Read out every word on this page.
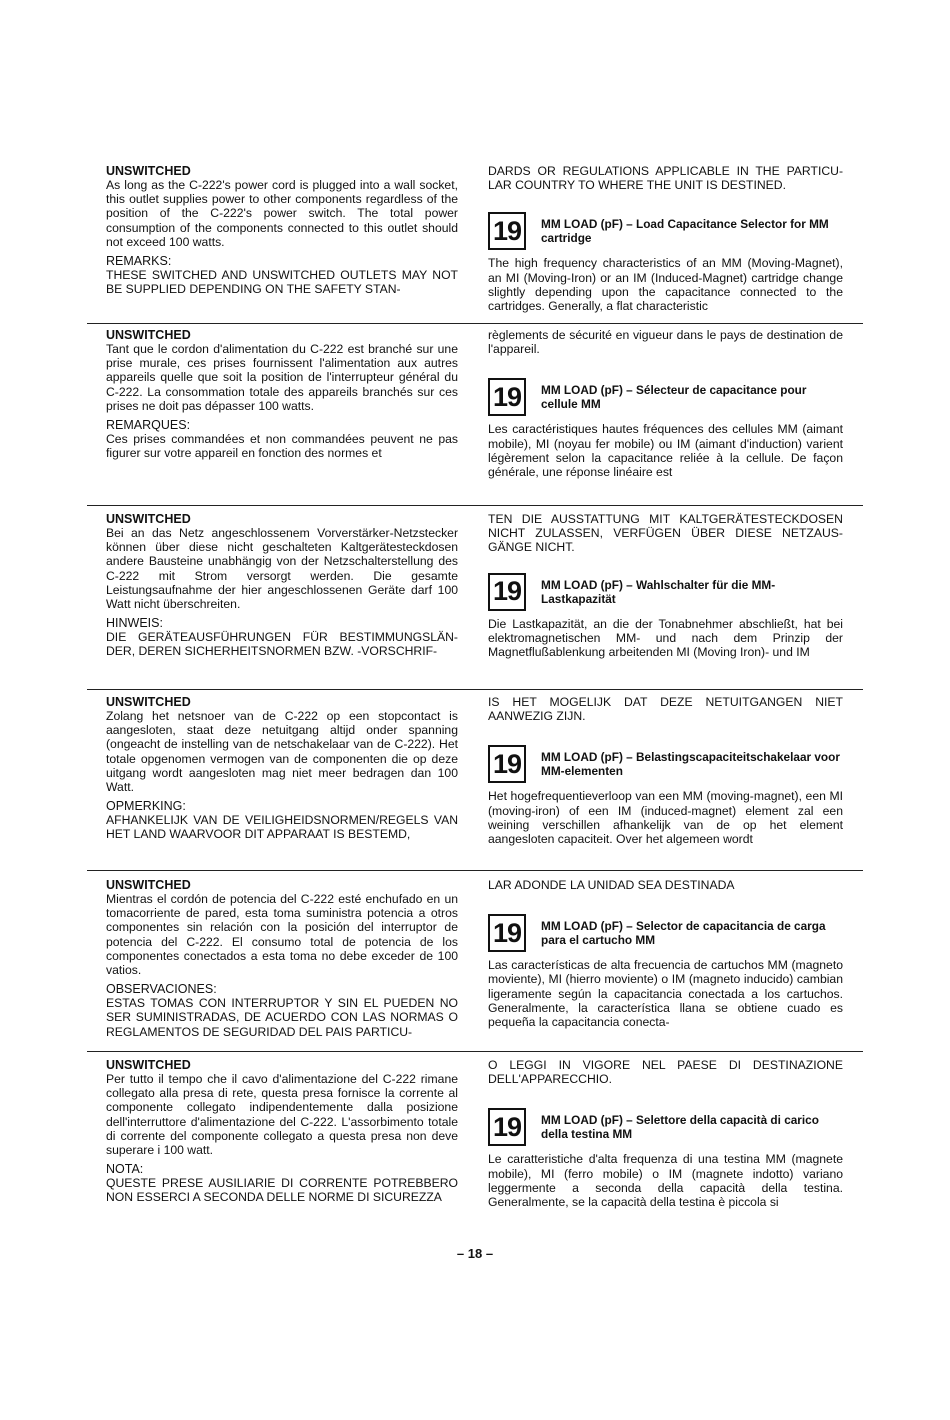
UNSWITCHED

As long as the C-222's power cord is plugged into a wall socket, this outlet supplies power to other components regardless of the position of the C-222's power switch. The total power consumption of the components connected to this outlet should not exceed 100 watts.

REMARKS:

THESE SWITCHED AND UNSWITCHED OUTLETS MAY NOT BE SUPPLIED DEPENDING ON THE SAFETY STAN-

DARDS OR REGULATIONS APPLICABLE IN THE PARTICU-LAR COUNTRY TO WHERE THE UNIT IS DESTINED.

19	MM LOAD (pF) – Load Capacitance Selector for MM cartridge

The high frequency characteristics of an MM (Moving-Magnet), an MI (Moving-Iron) or an IM (Induced-Magnet) cartridge change slightly depending upon the capacitance connected to the cartridges. Generally, a flat characteristic

UNSWITCHED

Tant que le cordon d'alimentation du C-222 est branché sur une prise murale, ces prises fournissent l'alimentation aux autres appareils quelle que soit la position de l'interrupteur général du C-222. La consommation totale des appareils branchés sur ces prises ne doit pas dépasser 100 watts.

REMARQUES:

Ces prises commandées et non commandées peuvent ne pas figurer sur votre appareil en fonction des normes et

règlements de sécurité en vigueur dans le pays de destination de l'appareil.

19	MM LOAD (pF) – Sélecteur de capacitance pour cellule MM

Les caractéristiques hautes fréquences des cellules MM (aimant mobile), MI (noyau fer mobile) ou IM (aimant d'induction) varient légèrement selon la capacitance reliée à la cellule. De façon générale, une réponse linéaire est

UNSWITCHED

Bei an das Netz angeschlossenem Vorverstärker-Netzstecker können über diese nicht geschalteten Kaltgerätesteckdosen andere Bausteine unabhängig von der Netzschalterstellung des C-222 mit Strom versorgt werden. Die gesamte Leistungsaufnahme der hier angeschlossenen Geräte darf 100 Watt nicht überschreiten.

HINWEIS:

DIE GERÄTEAUSFÜHRUNGEN FÜR BESTIMMUNGSLÄN-DER, DEREN SICHERHEITSNORMEN BZW. -VORSCHRIF-

TEN DIE AUSSTATTUNG MIT KALTGERÄTESTECKDOSEN NICHT ZULASSEN, VERFÜGEN ÜBER DIESE NETZAUS-GÄNGE NICHT.

19	MM LOAD (pF) – Wahlschalter für die MM-Lastkapazität

Die Lastkapazität, an die der Tonabnehmer abschließt, hat bei elektromagnetischen MM- und nach dem Prinzip der Magnetflußablenkung arbeitenden MI (Moving Iron)- und IM

UNSWITCHED

Zolang het netsnoer van de C-222 op een stopcontact is aangesloten, staat deze netuitgang altijd onder spanning (ongeacht de instelling van de netschakelaar van de C-222). Het totale opgenomen vermogen van de componenten die op deze uitgang wordt aangesloten mag niet meer bedragen dan 100 Watt.

OPMERKING:

AFHANKELIJK VAN DE VEILIGHEIDSNORMEN/REGELS VAN HET LAND WAARVOOR DIT APPARAAT IS BESTEMD,

IS HET MOGELIJK DAT DEZE NETUITGANGEN NIET AANWEZIG ZIJN.

19	MM LOAD (pF) – Belastingscapaciteitschakelaar voor MM-elementen

Het hogefrequentieverloop van een MM (moving-magnet), een MI (moving-iron) of een IM (induced-magnet) element zal een weining verschillen afhankelijk van de op het element aangesloten capaciteit. Over het algemeen wordt

UNSWITCHED

Mientras el cordón de potencia del C-222 esté enchufado en un tomacorriente de pared, esta toma suministra potencia a otros componentes sin relación con la posición del interruptor de potencia del C-222. El consumo total de potencia de los componentes conectados a esta toma no debe exceder de 100 vatios.

OBSERVACIONES:

ESTAS TOMAS CON INTERRUPTOR Y SIN EL PUEDEN NO SER SUMINISTRADAS, DE ACUERDO CON LAS NORMAS O REGLAMENTOS DE SEGURIDAD DEL PAIS PARTICU-

LAR ADONDE LA UNIDAD SEA DESTINADA

19	MM LOAD (pF) – Selector de capacitancia de carga para el cartucho MM

Las características de alta frecuencia de cartuchos MM (magneto moviente), MI (hierro moviente) o IM (magneto inducido) cambian ligeramente según la capacitancia conectada a los cartuchos. Generalmente, la característica llana se obtiene cuado es pequeña la capacitancia conecta-

UNSWITCHED

Per tutto il tempo che il cavo d'alimentazione del C-222 rimane collegato alla presa di rete, questa presa fornisce la corrente al componente collegato indipendentemente dalla posizione dell'interruttore d'alimentazione del C-222. L'assorbimento totale di corrente del componente collegato a questa presa non deve superare i 100 watt.

NOTA:

QUESTE PRESE AUSILIARIE DI CORRENTE POTREBBERO NON ESSERCI A SECONDA DELLE NORME DI SICUREZZA

O LEGGI IN VIGORE NEL PAESE DI DESTINAZIONE DELL'APPARECCHIO.

19	MM LOAD (pF) – Selettore della capacità di carico della testina MM

Le caratteristiche d'alta frequenza di una testina MM (magnete mobile), MI (ferro mobile) o IM (magnete indotto) variano leggermente a seconda della capacità della testina. Generalmente, se la capacità della testina è piccola si

– 18 –
